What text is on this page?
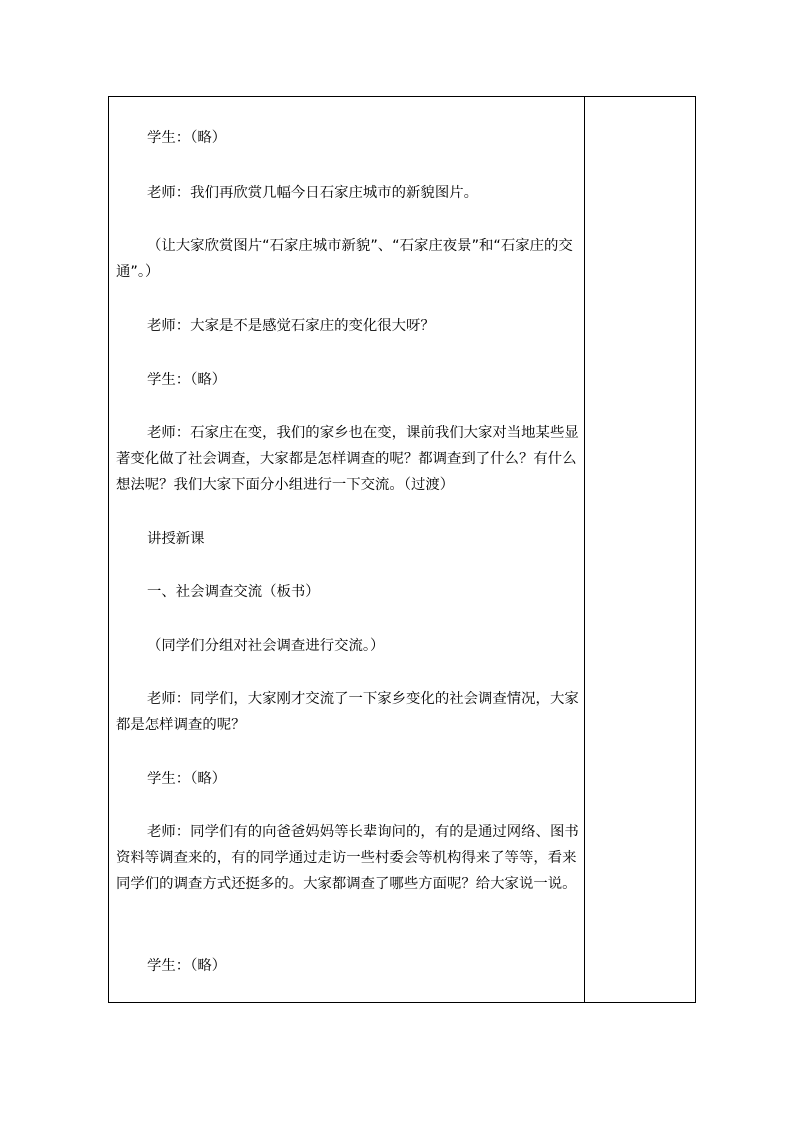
学生：（略）

老师：我们再欣赏几幅今日石家庄城市的新貌图片。

（让大家欣赏图片“石家庄城市新貌”、“石家庄夜景”和“石家庄的交通”。）

老师：大家是不是感觉石家庄的变化很大呀？

学生：（略）

老师：石家庄在变，我们的家乡也在变，课前我们大家对当地某些显著变化做了社会调查，大家都是怎样调查的呢？都调查到了什么？有什么想法呢？我们大家下面分小组进行一下交流。（过渡）

讲授新课

一、社会调查交流（板书）

（同学们分组对社会调查进行交流。）

老师：同学们，大家刚才交流了一下家乡变化的社会调查情况，大家都是怎样调查的呢？

学生：（略）

老师：同学们有的向爸爸妈妈等长辈询问的，有的是通过网络、图书资料等调查来的，有的同学通过走访一些村委会等机构得来了等等，看来同学们的调查方式还挺多的。大家都调查了哪些方面呢？给大家说一说。

学生：（略）
